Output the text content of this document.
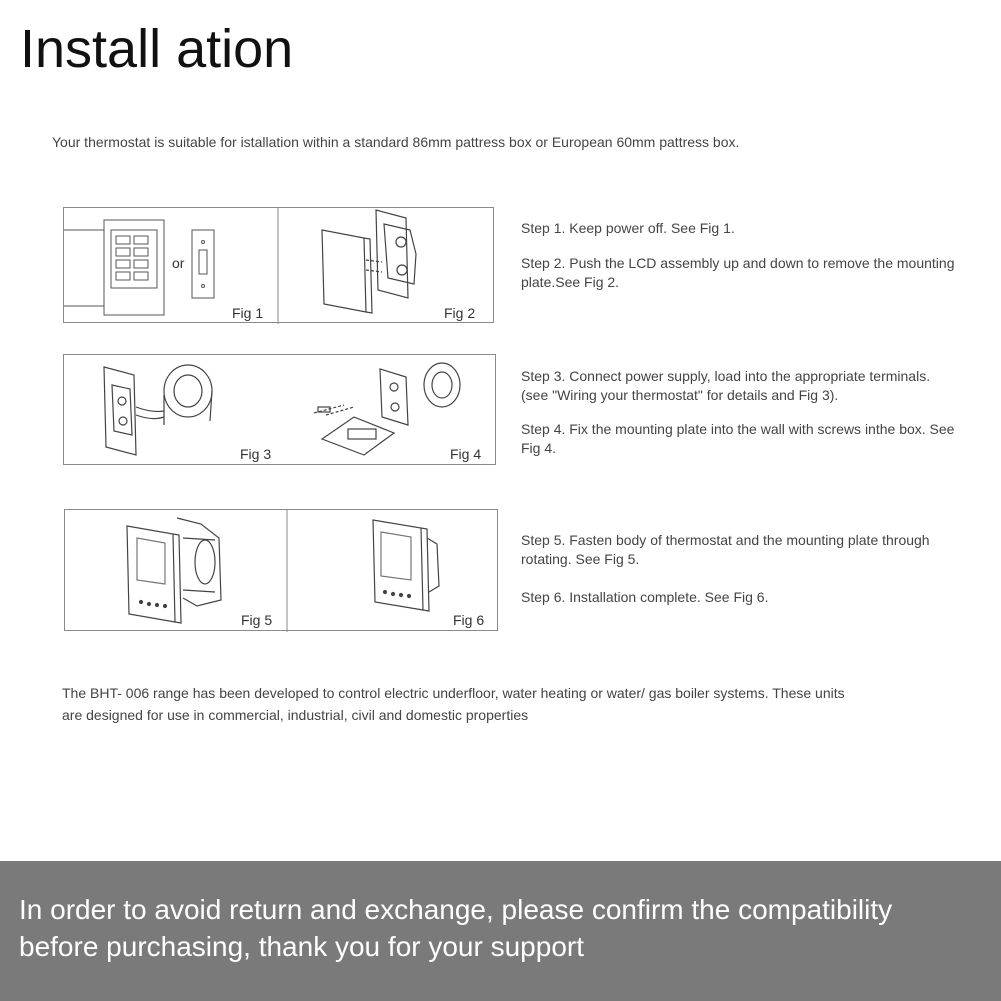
Install ation
Your thermostat is suitable for istallation within a standard 86mm pattress box or European 60mm pattress box.
or
Fig 1	Fig 2
Fig 3	Fig 4
Fig 5	Fig 6
Step 1. Keep power off. See Fig 1.
Step 2. Push the LCD assembly up and down to remove the mounting plate.See Fig 2.
Step 3. Connect power supply, load into the appropriate terminals. (see "Wiring your thermostat" for details and Fig 3).
Step 4. Fix the mounting plate into the wall with screws inthe box. See Fig 4.
Step 5. Fasten body of thermostat and the mounting plate through rotating. See Fig 5.
Step 6. Installation complete. See Fig 6.
The BHT- 006 range has been developed to control electric underfloor, water heating or water/ gas boiler systems. These units
are designed for use in commercial, industrial, civil and domestic properties
In order to avoid return and exchange, please confirm the compatibility
before purchasing, thank you for your support
